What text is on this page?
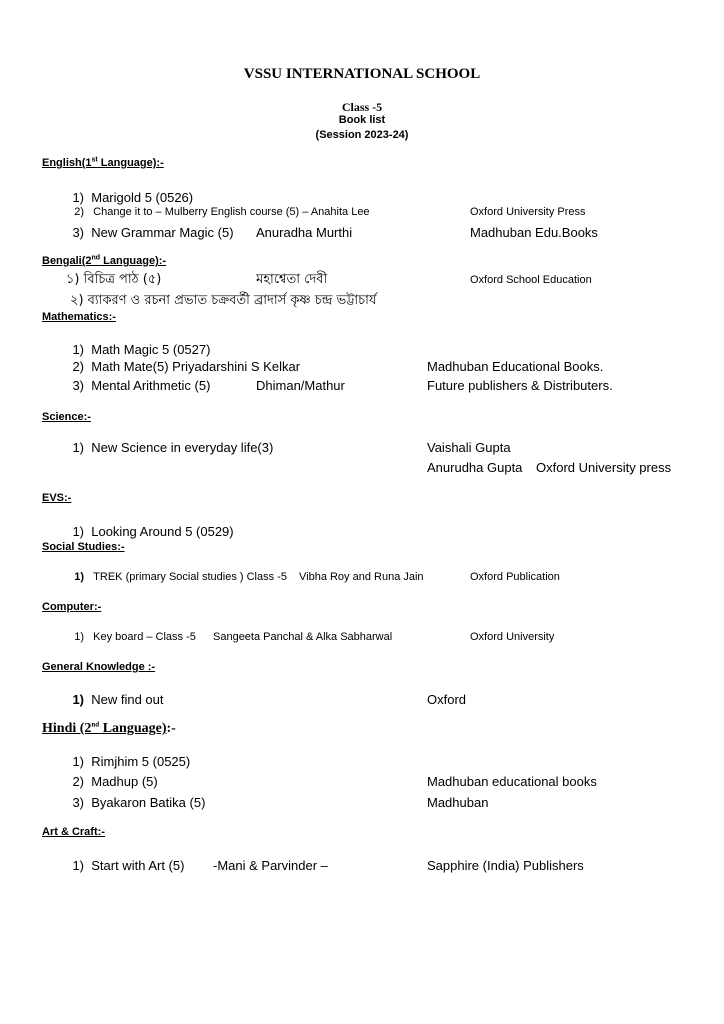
VSSU INTERNATIONAL SCHOOL
Class -5
Book list
(Session 2023-24)
English(1st Language):-
1) Marigold 5 (0526)
2) Change it to – Mulberry English course (5) – Anahita Lee	Oxford University Press
3) New Grammar Magic (5) Anuradha Murthi	Madhuban Edu.Books
Bengali(2nd Language):-
১) বিচিত্র পাঠ (৫)	মহাশ্বেতা দেবী	Oxford School Education
২) ব্যাকরণ ও রচনা প্রভাত চক্রবর্তী ব্রাদার্স কৃষ্ণ চন্দ্র ভট্টাচার্য
Mathematics:-
1) Math Magic 5 (0527)
2) Math Mate(5) Priyadarshini S Kelkar	Madhuban Educational Books.
3) Mental Arithmetic (5)	Dhiman/Mathur	Future publishers & Distributers.
Science:-
1) New Science in everyday life(3)	Vaishali Gupta
Anurudha Gupta Oxford University press
EVS:-
1) Looking Around 5 (0529)
Social Studies:-
1) TREK (primary Social studies ) Class -5 Vibha Roy and Runa Jain	Oxford Publication
Computer:-
1) Key board – Class -5 Sangeeta Panchal & Alka Sabharwal	Oxford University
General Knowledge :-
1) New find out	Oxford
Hindi (2nd Language):-
1) Rimjhim 5 (0525)
2) Madhup (5)	Madhuban educational books
3) Byakaron Batika (5)	Madhuban
Art & Craft:-
1) Start with Art (5) -Mani & Parvinder –	Sapphire (India) Publishers
